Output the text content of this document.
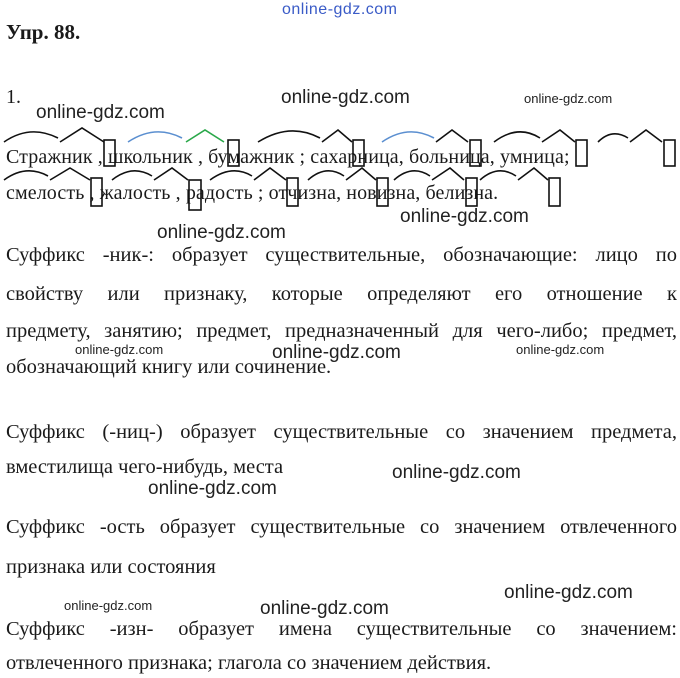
online-gdz.com
Упр. 88.
1.
Стражник , школьник , бумажник ; сахарница, больница, умница;
смелость , жалость , радость ; отчизна, новизна, белизна.
Суффикс -ник-: образует существительные, обозначающие: лицо по
свойству или признаку, которые определяют его отношение к
предмету, занятию; предмет, предназначенный для чего-либо; предмет,
обозначающий книгу или сочинение.
Суффикс (-ниц-) образует существительные со значением предмета,
вместилища чего-нибудь, места
Суффикс -ость образует существительные со значением отвлеченного
признака или состояния
Суффикс -изн- образует имена существительные со значением:
отвлеченного признака; глагола со значением действия.
online-gdz.com
online-gdz.com	online-gdz.com
online-gdz.com
online-gdz.com
online-gdz.com	online-gdz.com	online-gdz.com
online-gdz.com
online-gdz.com
online-gdz.com
online-gdz.com	online-gdz.com
